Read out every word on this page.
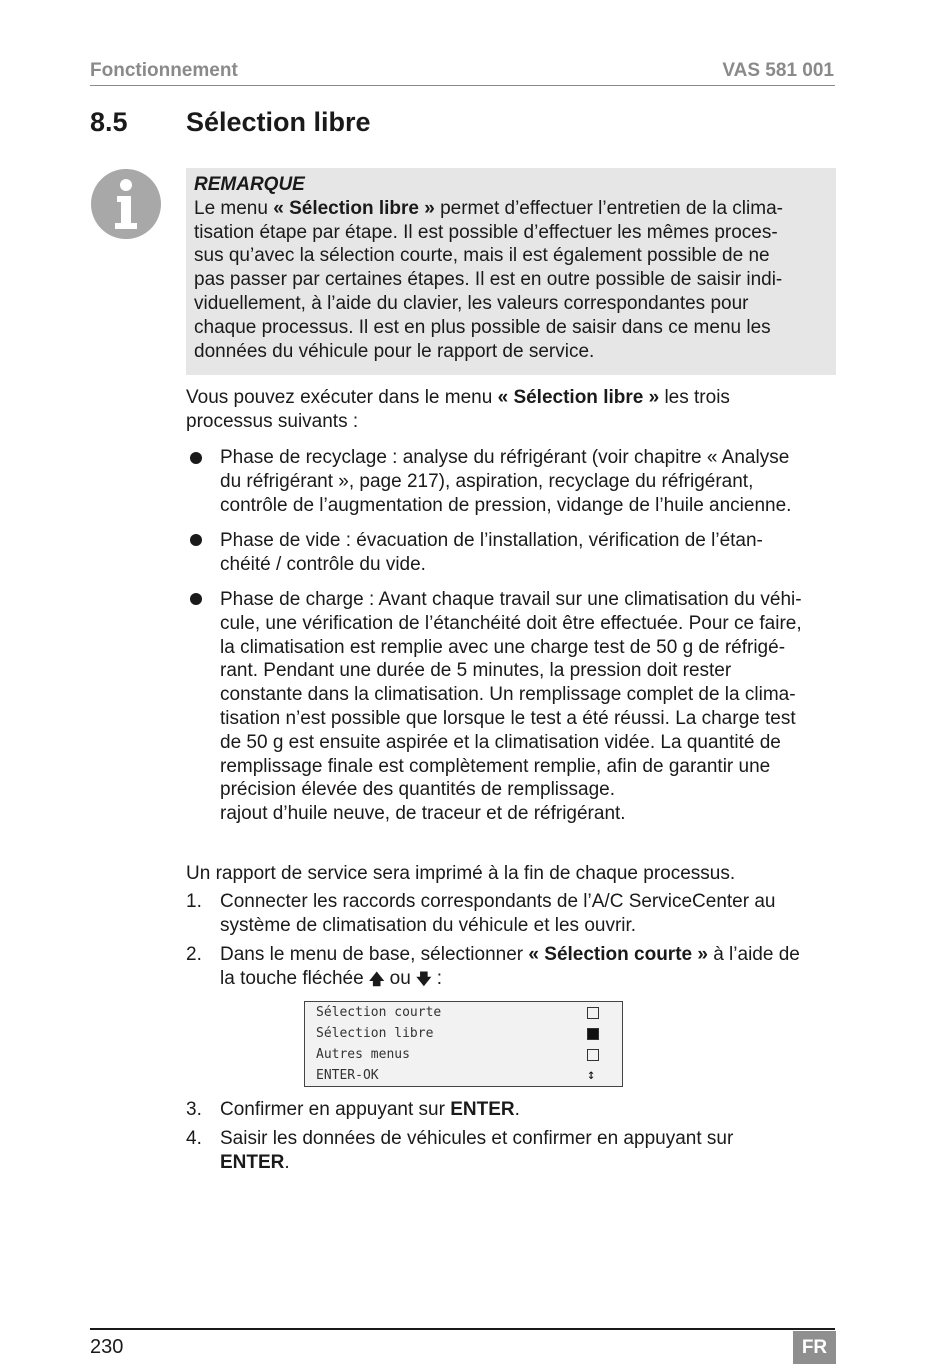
Fonctionnement	VAS 581 001
8.5 Sélection libre
REMARQUE
Le menu « Sélection libre » permet d’effectuer l’entretien de la clima-
tisation étape par étape. Il est possible d’effectuer les mêmes proces-
sus qu’avec la sélection courte, mais il est également possible de ne
pas passer par certaines étapes. Il est en outre possible de saisir indi-
viduellement, à l’aide du clavier, les valeurs correspondantes pour
chaque processus. Il est en plus possible de saisir dans ce menu les
données du véhicule pour le rapport de service.
Vous pouvez exécuter dans le menu « Sélection libre » les trois
processus suivants :
Phase de recyclage : analyse du réfrigérant (voir chapitre « Analyse
du réfrigérant », page 217), aspiration, recyclage du réfrigérant,
contrôle de l’augmentation de pression, vidange de l’huile ancienne.
Phase de vide : évacuation de l’installation, vérification de l’étan-
chéité / contrôle du vide.
Phase de charge : Avant chaque travail sur une climatisation du véhi-
cule, une vérification de l’étanchéité doit être effectuée. Pour ce faire,
la climatisation est remplie avec une charge test de 50 g de réfrigé-
rant. Pendant une durée de 5 minutes, la pression doit rester
constante dans la climatisation. Un remplissage complet de la clima-
tisation n’est possible que lorsque le test a été réussi. La charge test
de 50 g est ensuite aspirée et la climatisation vidée. La quantité de
remplissage finale est complètement remplie, afin de garantir une
précision élevée des quantités de remplissage.
rajout d’huile neuve, de traceur et de réfrigérant.
Un rapport de service sera imprimé à la fin de chaque processus.
1. Connecter les raccords correspondants de l’A/C ServiceCenter au
système de climatisation du véhicule et les ouvrir.
2. Dans le menu de base, sélectionner « Sélection courte » à l’aide de
la touche fléchée 🡅 ou 🡇 :
Sélection courte
Sélection libre
Autres menus
ENTER-OK	↕
3. Confirmer en appuyant sur ENTER.
4. Saisir les données de véhicules et confirmer en appuyant sur
ENTER.
230	FR
